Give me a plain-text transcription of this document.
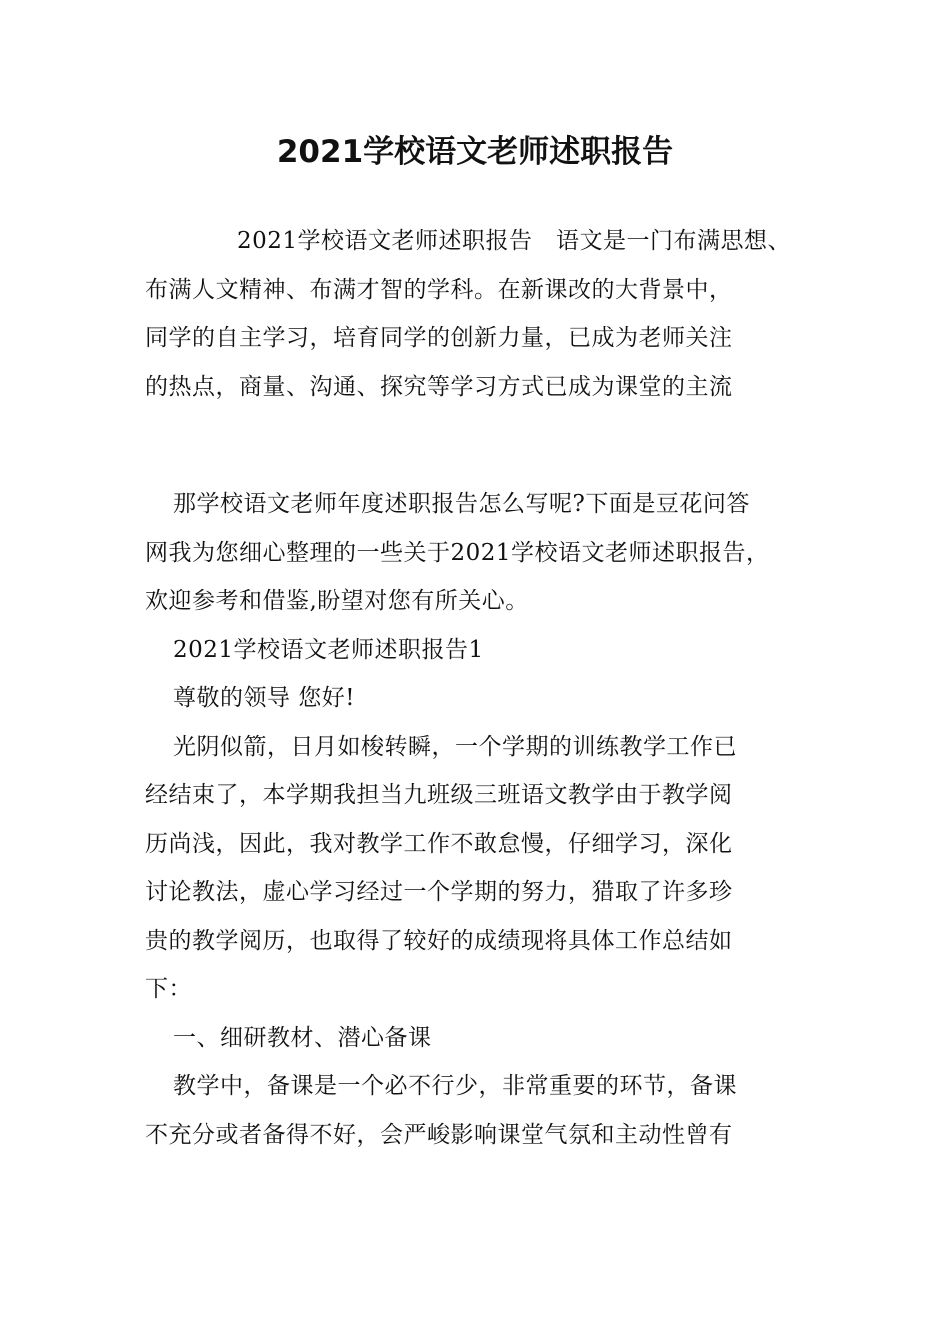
2021学校语文老师述职报告
2021学校语文老师述职报告　语文是一门布满思想、
布满人文精神、布满才智的学科。在新课改的大背景中，
同学的自主学习，培育同学的创新力量，已成为老师关注
的热点，商量、沟通、探究等学习方式已成为课堂的主流
那学校语文老师年度述职报告怎么写呢?下面是豆花问答
网我为您细心整理的一些关于2021学校语文老师述职报告，
欢迎参考和借鉴,盼望对您有所关心。
2021学校语文老师述职报告1
尊敬的领导 您好!
光阴似箭，日月如梭转瞬，一个学期的训练教学工作已
经结束了，本学期我担当九班级三班语文教学由于教学阅
历尚浅，因此，我对教学工作不敢怠慢，仔细学习，深化
讨论教法，虚心学习经过一个学期的努力，猎取了许多珍
贵的教学阅历，也取得了较好的成绩现将具体工作总结如
下：
一、细研教材、潜心备课
教学中，备课是一个必不行少，非常重要的环节，备课
不充分或者备得不好，会严峻影响课堂气氛和主动性曾有
